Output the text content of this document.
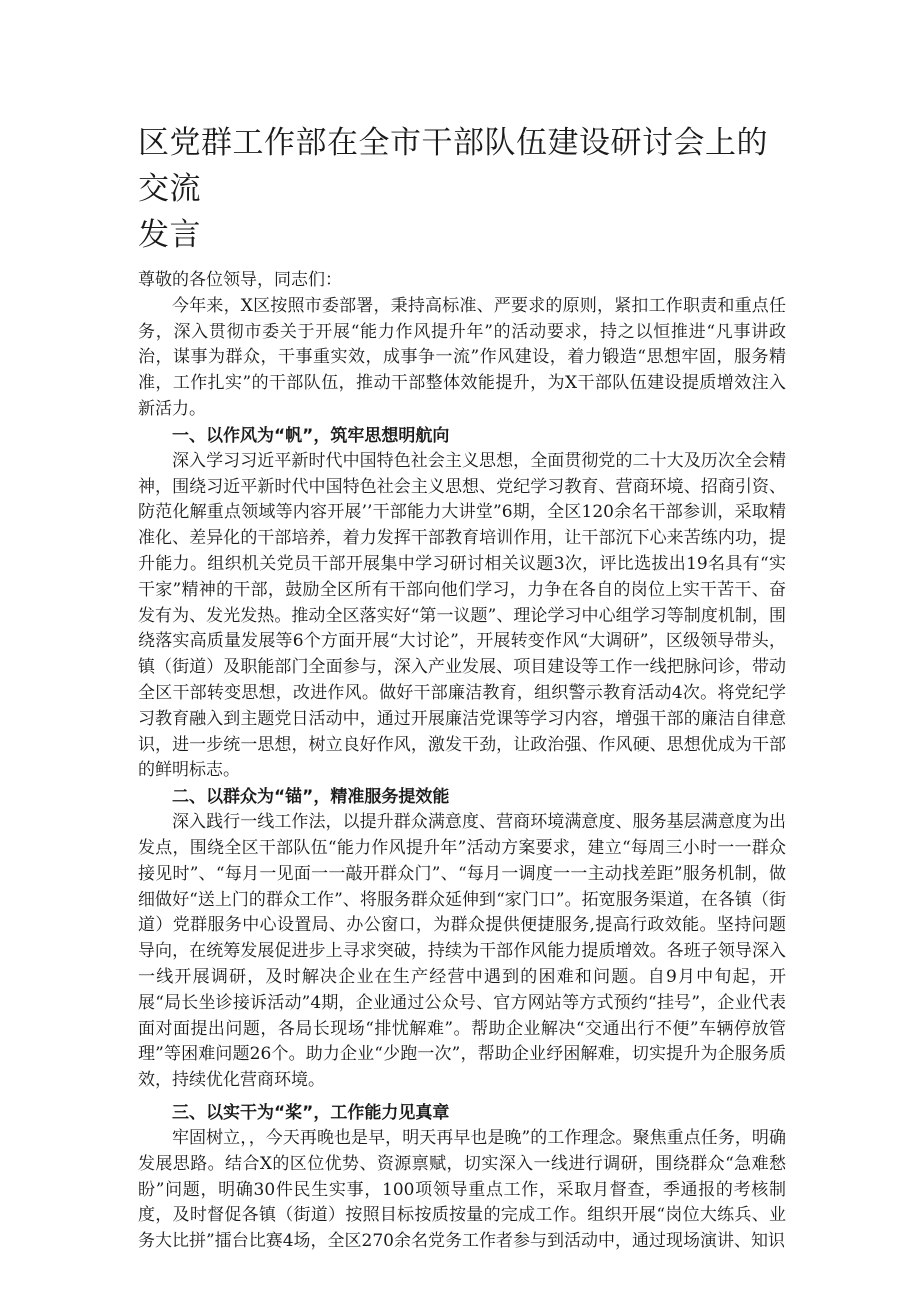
区党群工作部在全市干部队伍建设研讨会上的交流
发言

尊敬的各位领导，同志们：

今年来，X区按照市委部署，秉持高标准、严要求的原则，紧扣工作职责和重点任务，深入贯彻市委关于开展“能力作风提升年”的活动要求，持之以恒推进“凡事讲政治，谋事为群众，干事重实效，成事争一流”作风建设，着力锻造“思想牢固，服务精准，工作扎实”的干部队伍，推动干部整体效能提升，为X干部队伍建设提质增效注入新活力。

一、以作风为“帆”，筑牢思想明航向

深入学习习近平新时代中国特色社会主义思想，全面贯彻党的二十大及历次全会精神，围绕习近平新时代中国特色社会主义思想、党纪学习教育、营商环境、招商引资、防范化解重点领域等内容开展’’干部能力大讲堂”6期，全区120余名干部参训，采取精准化、差异化的干部培养，着力发挥干部教育培训作用，让干部沉下心来苦练内功，提升能力。组织机关党员干部开展集中学习研讨相关议题3次，评比选拔出19名具有“实干家”精神的干部，鼓励全区所有干部向他们学习，力争在各自的岗位上实干苦干、奋发有为、发光发热。推动全区落实好“第一议题”、理论学习中心组学习等制度机制，围绕落实高质量发展等6个方面开展“大讨论”，开展转变作风“大调研”，区级领导带头，镇（街道）及职能部门全面参与，深入产业发展、项目建设等工作一线把脉问诊，带动全区干部转变思想，改进作风。做好干部廉洁教育，组织警示教育活动4次。将党纪学习教育融入到主题党日活动中，通过开展廉洁党课等学习内容，增强干部的廉洁自律意识，进一步统一思想，树立良好作风，激发干劲，让政治强、作风硬、思想优成为干部的鲜明标志。

二、以群众为“锚”，精准服务提效能

深入践行一线工作法，以提升群众满意度、营商环境满意度、服务基层满意度为出发点，围绕全区干部队伍“能力作风提升年”活动方案要求，建立“每周三小时一一群众接见时”、“每月一见面一一敲开群众门”、“每月一调度一一主动找差距”服务机制，做细做好“送上门的群众工作”、将服务群众延伸到“家门口”。拓宽服务渠道，在各镇（街道）党群服务中心设置局、办公窗口，为群众提供便捷服务,提高行政效能。坚持问题导向，在统筹发展促进步上寻求突破，持续为干部作风能力提质增效。各班子领导深入一线开展调研，及时解决企业在生产经营中遇到的困难和问题。自9月中旬起，开展“局长坐诊接诉活动”4期，企业通过公众号、官方网站等方式预约“挂号”，企业代表面对面提出问题，各局长现场“排忧解难”。帮助企业解决“交通出行不便”车辆停放管理”等困难问题26个。助力企业“少跑一次”，帮助企业纾困解难，切实提升为企服务质效，持续优化营商环境。

三、以实干为“桨”，工作能力见真章

牢固树立，，今天再晚也是早，明天再早也是晚”的工作理念。聚焦重点任务，明确发展思路。结合X的区位优势、资源禀赋，切实深入一线进行调研，围绕群众“急难愁盼”问题，明确30件民生实事，100项领导重点工作，采取月督查，季通报的考核制度，及时督促各镇（街道）按照目标按质按量的完成工作。组织开展“岗位大练兵、业务大比拼”擂台比赛4场，全区270余名党务工作者参与到活动中，通过现场演讲、知识
